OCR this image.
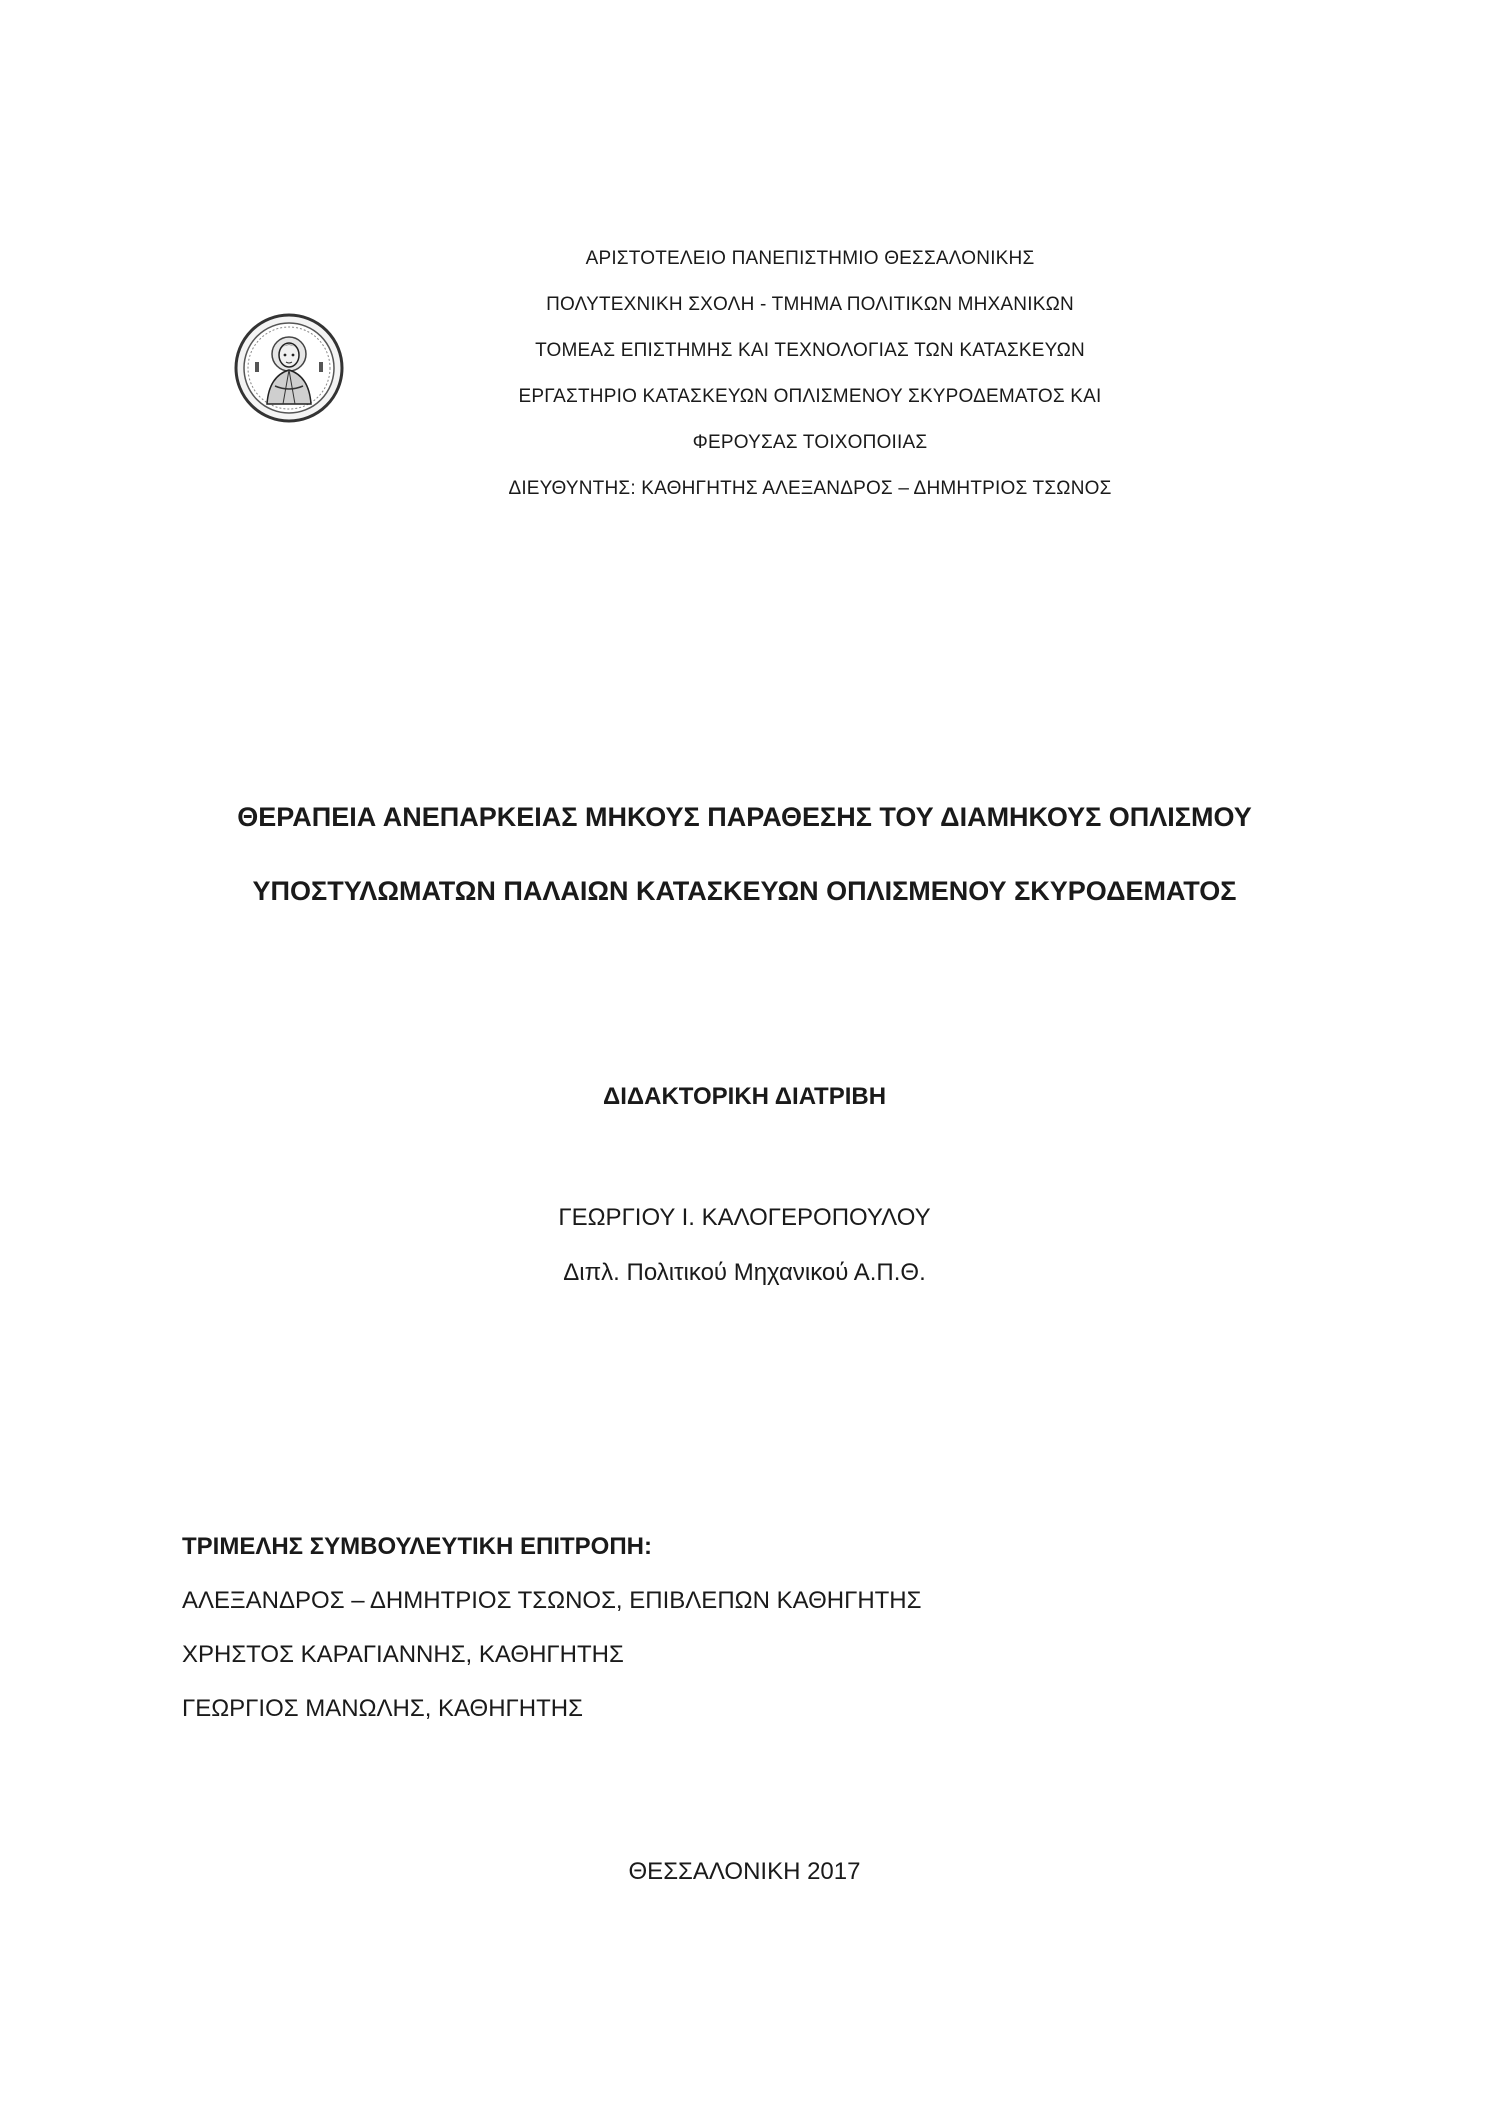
ΑΡΙΣΤΟΤΕΛΕΙΟ ΠΑΝΕΠΙΣΤΗΜΙΟ ΘΕΣΣΑΛΟΝΙΚΗΣ
ΠΟΛΥΤΕΧΝΙΚΗ ΣΧΟΛΗ - ΤΜΗΜΑ ΠΟΛΙΤΙΚΩΝ ΜΗΧΑΝΙΚΩΝ
ΤΟΜΕΑΣ ΕΠΙΣΤΗΜΗΣ ΚΑΙ ΤΕΧΝΟΛΟΓΙΑΣ ΤΩΝ ΚΑΤΑΣΚΕΥΩΝ
ΕΡΓΑΣΤΗΡΙΟ ΚΑΤΑΣΚΕΥΩΝ ΟΠΛΙΣΜΕΝΟΥ ΣΚΥΡΟΔΕΜΑΤΟΣ ΚΑΙ
ΦΕΡΟΥΣΑΣ ΤΟΙΧΟΠΟΙΙΑΣ
ΔΙΕΥΘΥΝΤΗΣ: ΚΑΘΗΓΗΤΗΣ ΑΛΕΞΑΝΔΡΟΣ – ΔΗΜΗΤΡΙΟΣ ΤΣΩΝΟΣ
ΘΕΡΑΠΕΙΑ ΑΝΕΠΑΡΚΕΙΑΣ ΜΗΚΟΥΣ ΠΑΡΑΘΕΣΗΣ ΤΟΥ ΔΙΑΜΗΚΟΥΣ ΟΠΛΙΣΜΟΥ
ΥΠΟΣΤΥΛΩΜΑΤΩΝ ΠΑΛΑΙΩΝ ΚΑΤΑΣΚΕΥΩΝ ΟΠΛΙΣΜΕΝΟΥ ΣΚΥΡΟΔΕΜΑΤΟΣ
ΔΙΔΑΚΤΟΡΙΚΗ ΔΙΑΤΡΙΒΗ
ΓΕΩΡΓΙΟΥ Ι. ΚΑΛΟΓΕΡΟΠΟΥΛΟΥ
Διπλ. Πολιτικού Μηχανικού Α.Π.Θ.
ΤΡΙΜΕΛΗΣ ΣΥΜΒΟΥΛΕΥΤΙΚΗ ΕΠΙΤΡΟΠΗ:
ΑΛΕΞΑΝΔΡΟΣ – ΔΗΜΗΤΡΙΟΣ ΤΣΩΝΟΣ, ΕΠΙΒΛΕΠΩΝ ΚΑΘΗΓΗΤΗΣ
ΧΡΗΣΤΟΣ ΚΑΡΑΓΙΑΝΝΗΣ, ΚΑΘΗΓΗΤΗΣ
ΓΕΩΡΓΙΟΣ ΜΑΝΩΛΗΣ, ΚΑΘΗΓΗΤΗΣ
ΘΕΣΣΑΛΟΝΙΚΗ 2017
